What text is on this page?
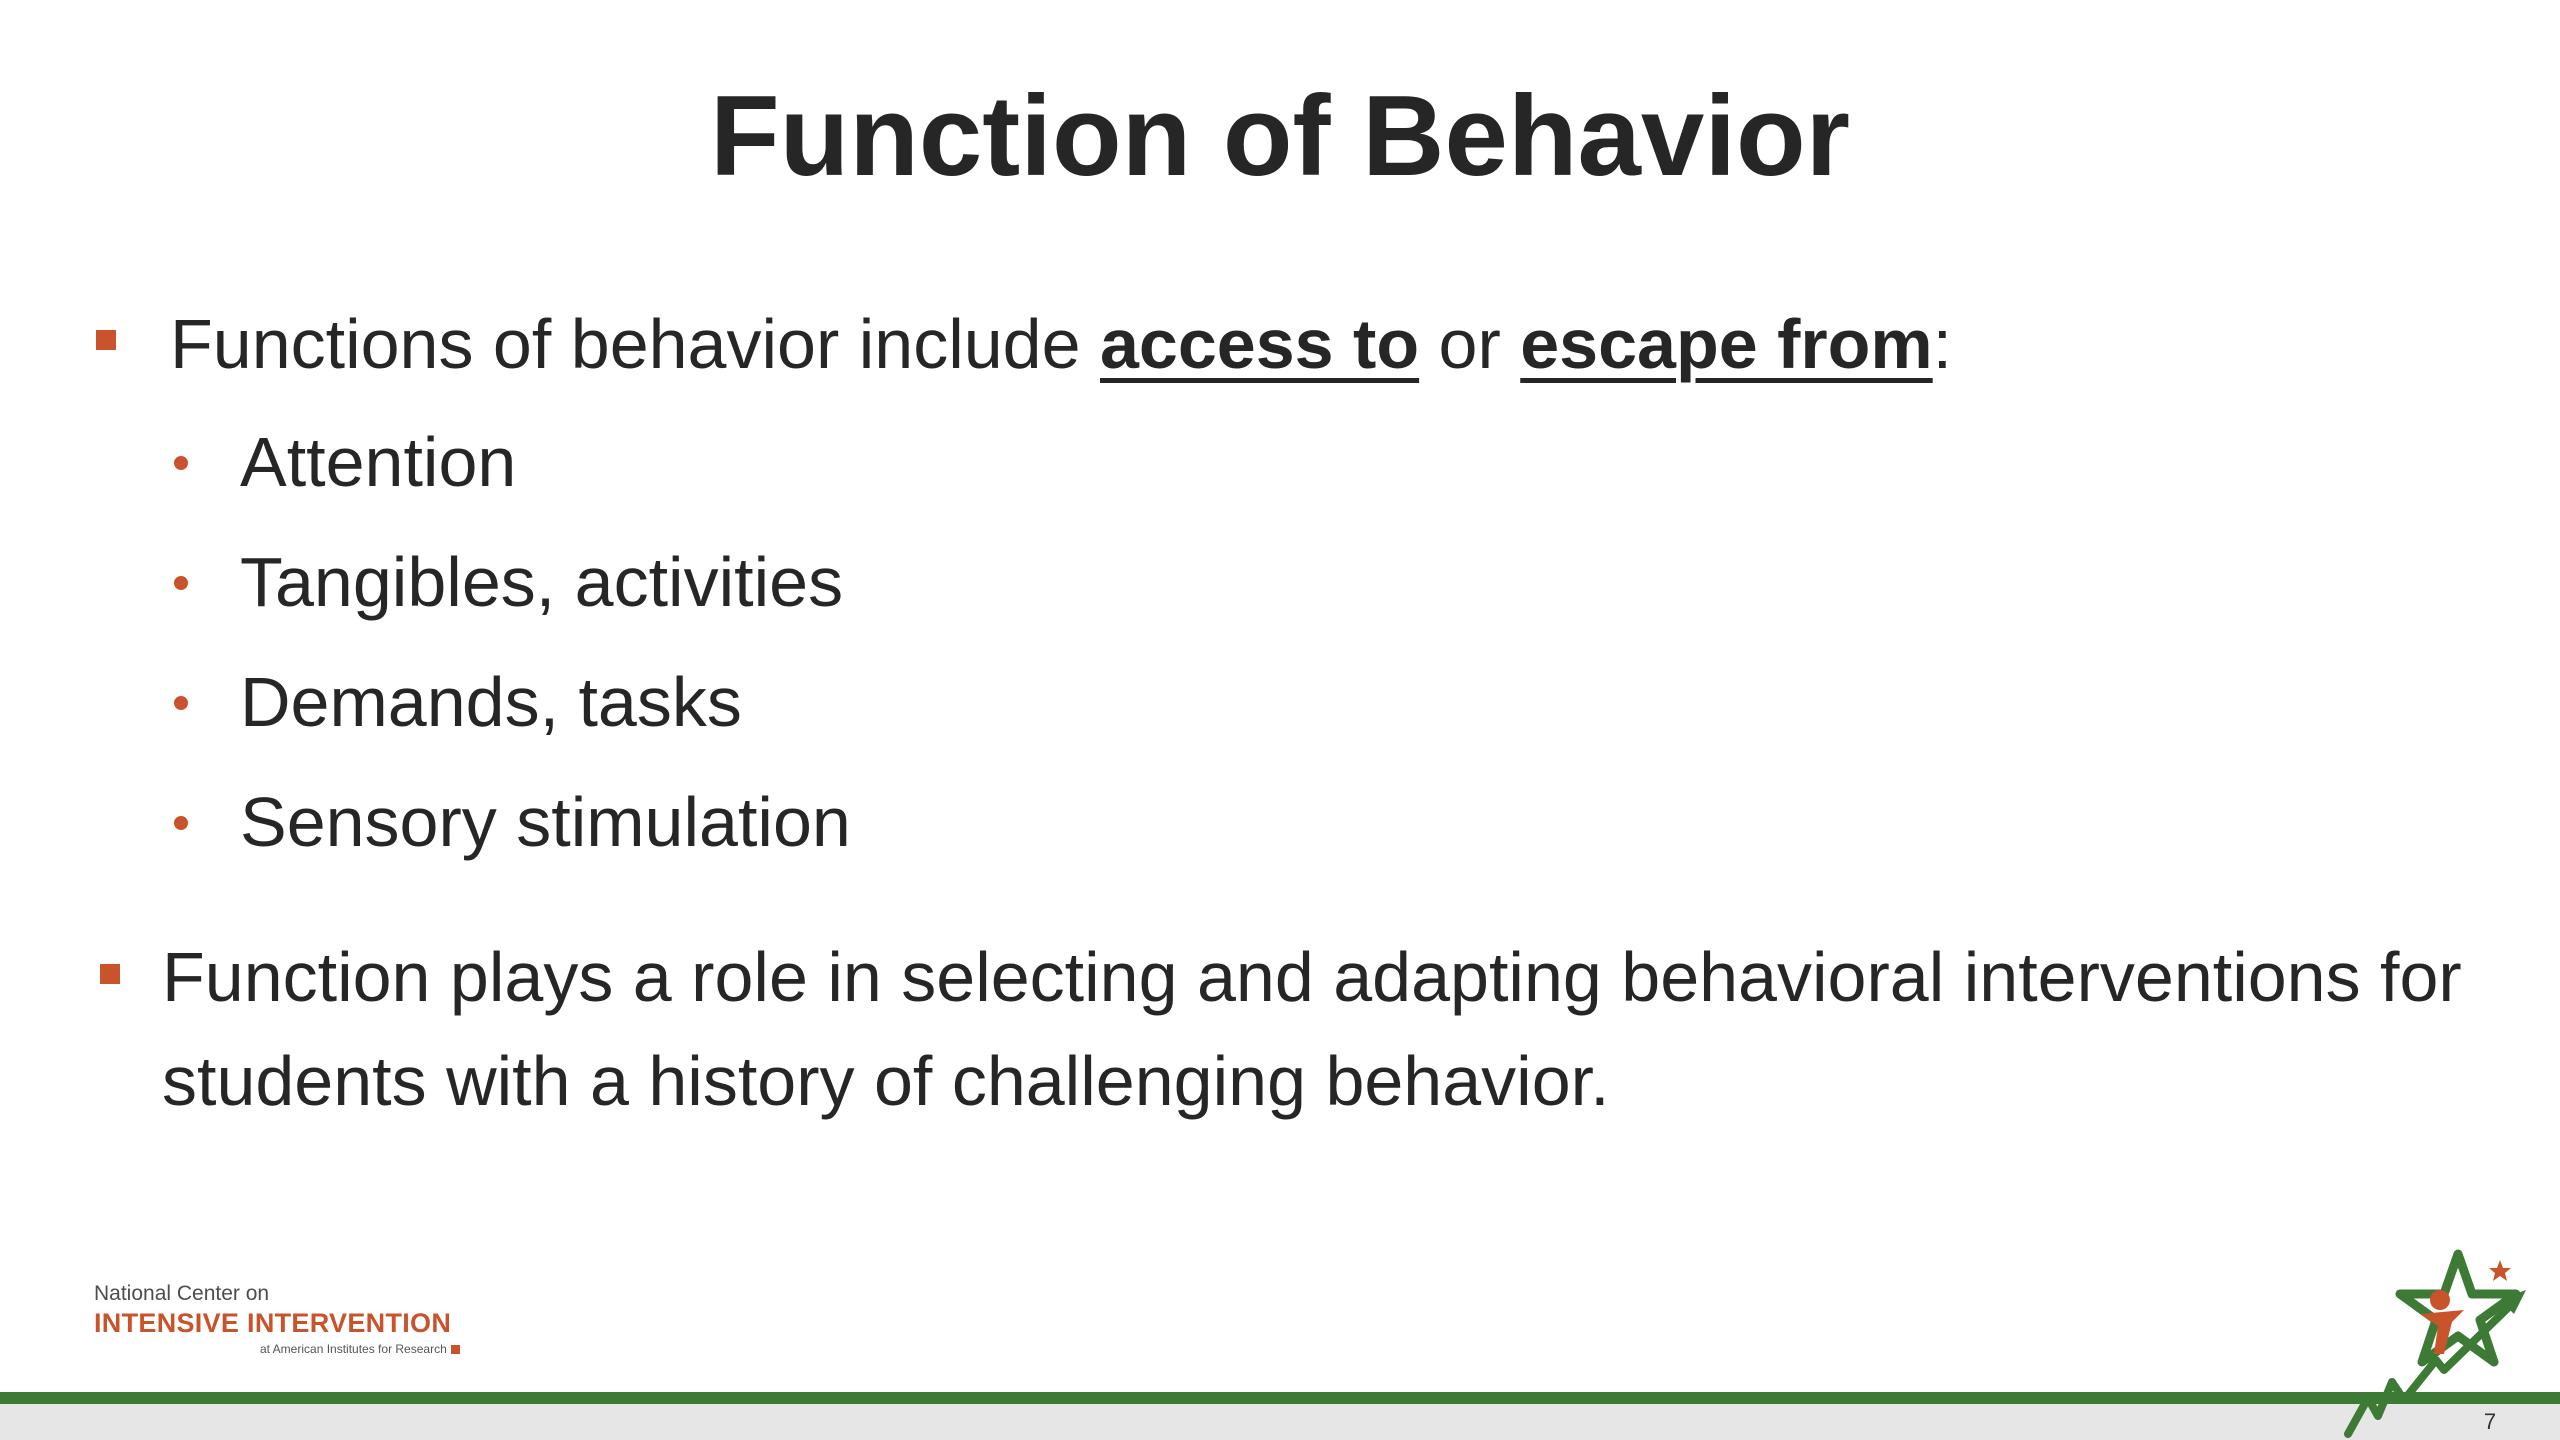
Function of Behavior
Functions of behavior include access to or escape from:
Attention
Tangibles, activities
Demands, tasks
Sensory stimulation
Function plays a role in selecting and adapting behavioral interventions for
students with a history of challenging behavior.
National Center on
INTENSIVE INTERVENTION
at American Institutes for Research
7
